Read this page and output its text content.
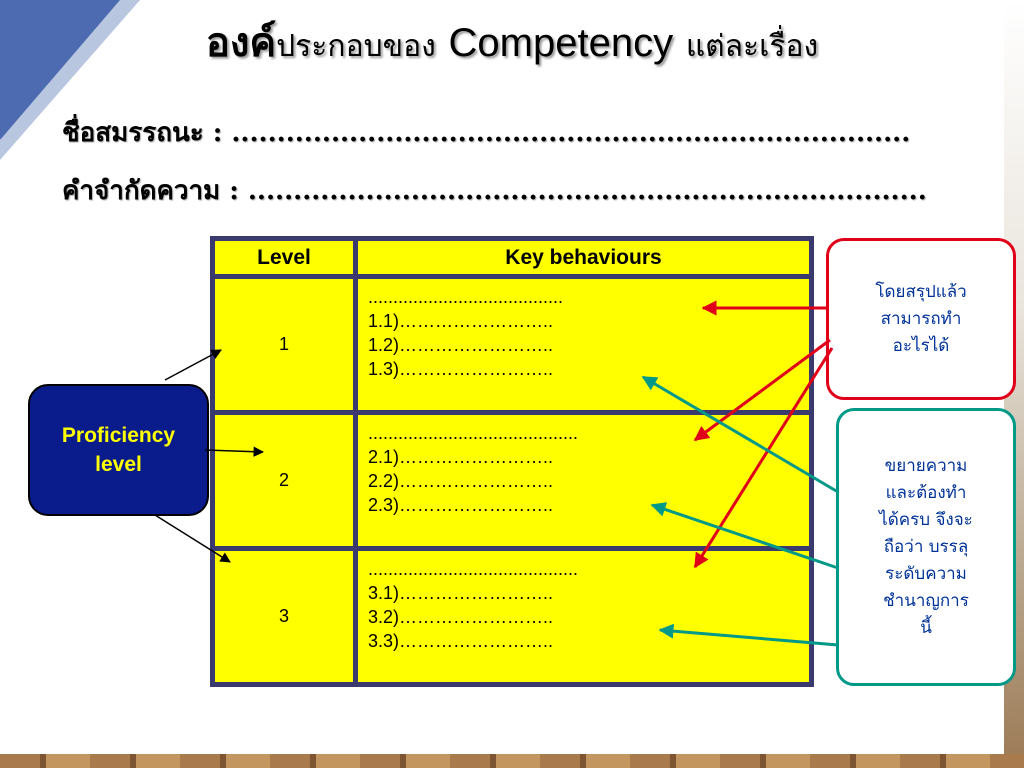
องค์ประกอบของ Competency แต่ละเรื่อง
ชื่อสมรรถนะ : ...........................................................................
คำจำกัดความ : ...........................................................................
Level	Key behaviours
1	.......................................
1.1)……………………..
1.2)……………………..
1.3)……………………..

2	..........................................
2.1)……………………..
2.2)……………………..
2.3)……………………..

3	..........................................
3.1)……………………..
3.2)……………………..
3.3)……………………..
Proficiency
level
โดยสรุปแล้ว
สามารถทำ
อะไรได้
ขยายความ
และต้องทำ
ได้ครบ จึงจะ
ถือว่า บรรลุ
ระดับความ
ชำนาญการ
นี้
